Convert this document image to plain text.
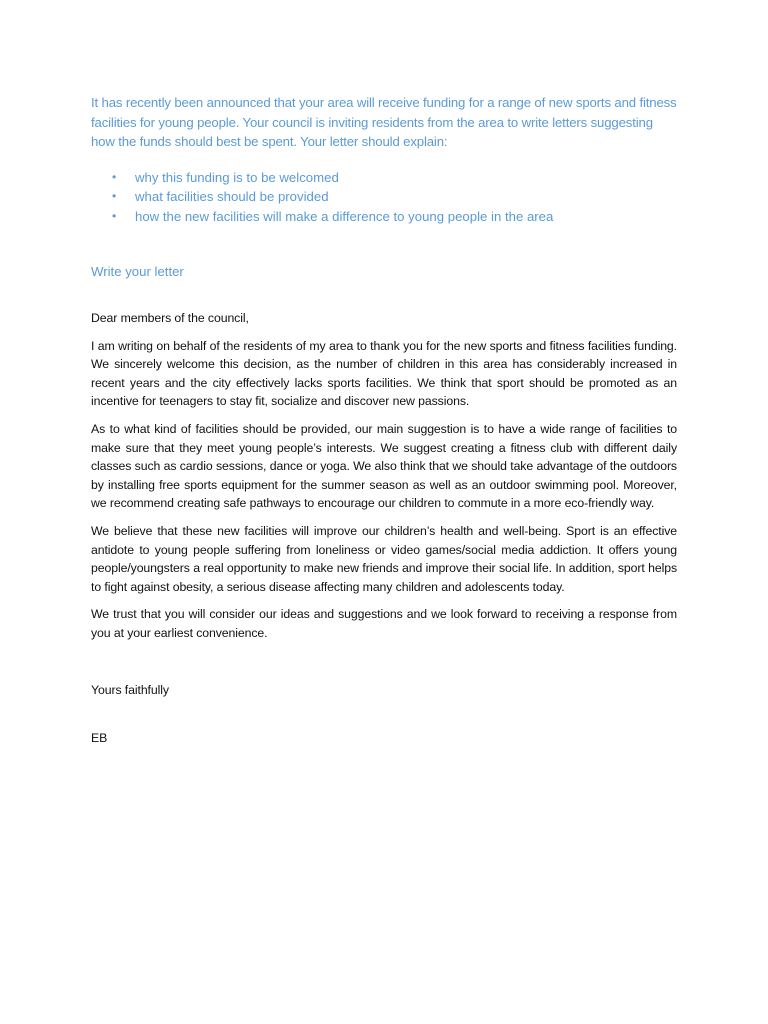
It has recently been announced that your area will receive funding for a range of new sports and fitness facilities for young people. Your council is inviting residents from the area to write letters suggesting how the funds should best be spent. Your letter should explain:

• why this funding is to be welcomed
• what facilities should be provided
• how the new facilities will make a difference to young people in the area

Write your letter

Dear members of the council,

I am writing on behalf of the residents of my area to thank you for the new sports and fitness facilities funding. We sincerely welcome this decision, as the number of children in this area has considerably increased in recent years and the city effectively lacks sports facilities. We think that sport should be promoted as an incentive for teenagers to stay fit, socialize and discover new passions.

As to what kind of facilities should be provided, our main suggestion is to have a wide range of facilities to make sure that they meet young people’s interests. We suggest creating a fitness club with different daily classes such as cardio sessions, dance or yoga. We also think that we should take advantage of the outdoors by installing free sports equipment for the summer season as well as an outdoor swimming pool. Moreover, we recommend creating safe pathways to encourage our children to commute in a more eco-friendly way.

We believe that these new facilities will improve our children’s health and well-being. Sport is an effective antidote to young people suffering from loneliness or video games/social media addiction. It offers young people/youngsters a real opportunity to make new friends and improve their social life. In addition, sport helps to fight against obesity, a serious disease affecting many children and adolescents today.

We trust that you will consider our ideas and suggestions and we look forward to receiving a response from you at your earliest convenience.

Yours faithfully

EB
